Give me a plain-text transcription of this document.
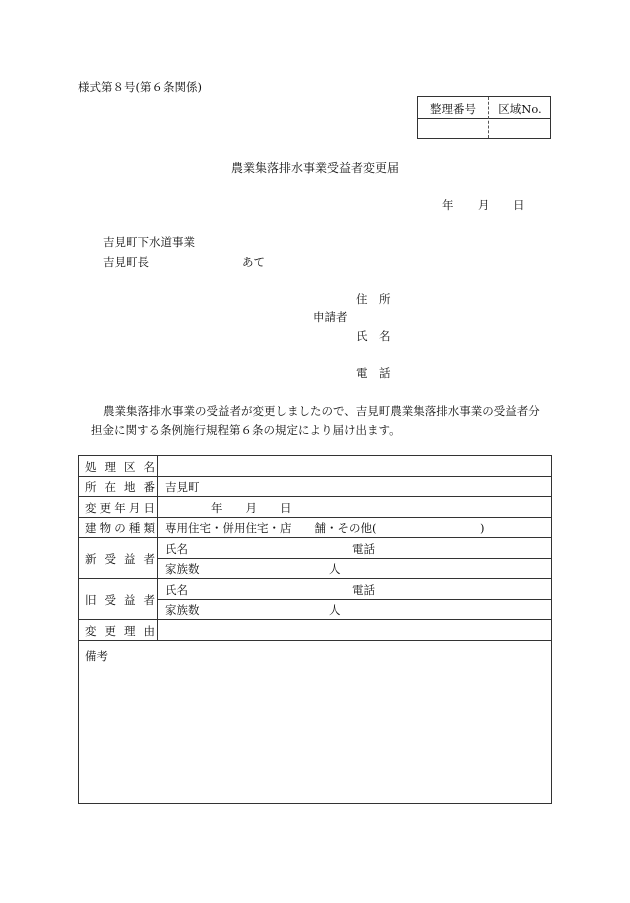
様式第８号(第６条関係)
整理番号	区域No.
農業集落排水事業受益者変更届
年 月 日
吉見町下水道事業
吉見町長	あて
住　所
申請者
氏　名
電　話
農業集落排水事業の受益者が変更しましたので、吉見町農業集落排水事業の受益者分
担金に関する条例施行規程第６条の規定により届け出ます。
処理区名
所在地番 吉見町
変更年月日	年　　月　　日
建物の種類 専用住宅・併用住宅・店　　舗・その他(　　　　　　　　　)
新受益者
氏名	電話
家族数	人
旧受益者
氏名	電話
家族数	人
変更理由
備考
